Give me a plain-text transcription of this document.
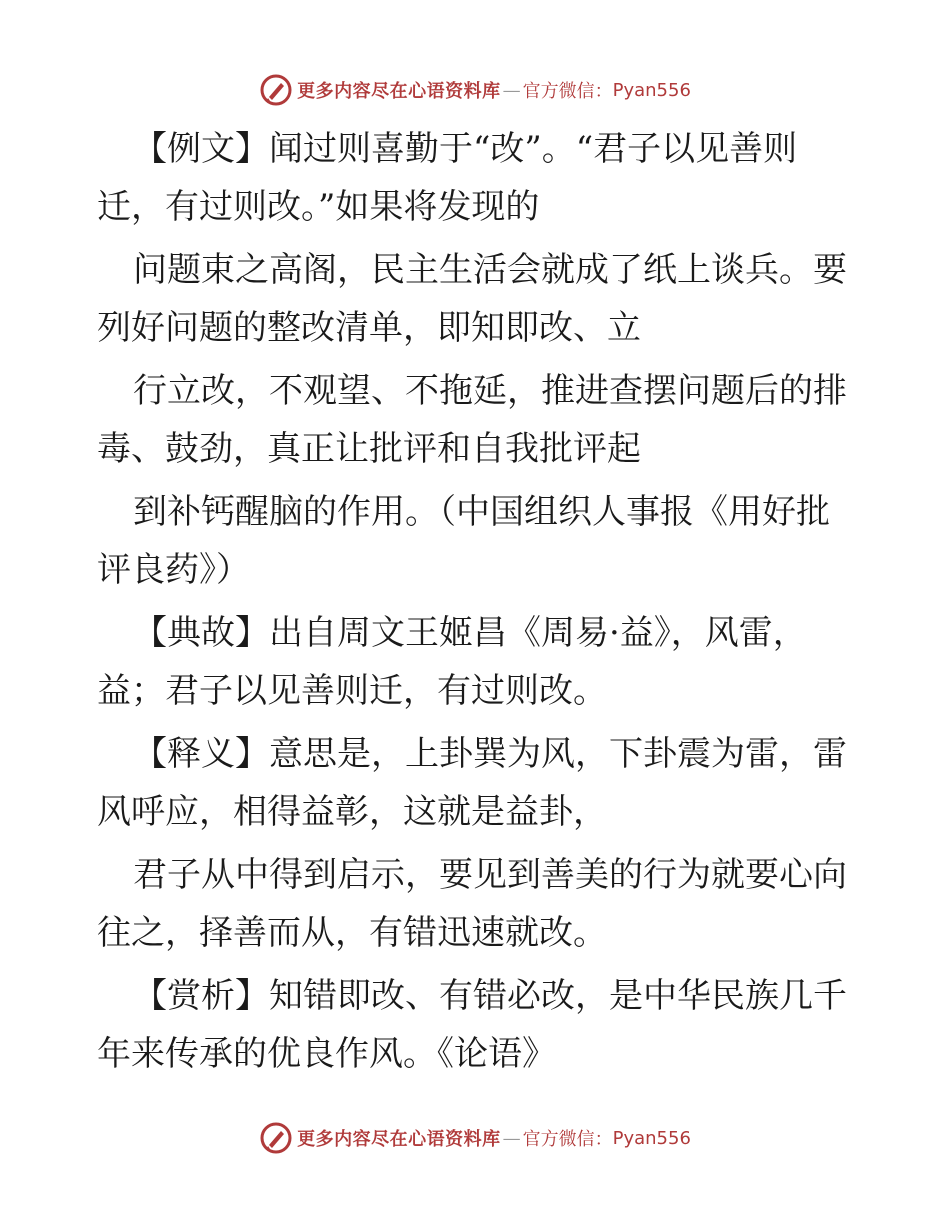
更多内容尽在心语资料库 — 官方微信： Pyan556
【例文】闻过则喜勤于“改”。“君子以见善则
迁，有过则改。”如果将发现的
问题束之高阁，民主生活会就成了纸上谈兵。要
列好问题的整改清单，即知即改、立
行立改，不观望、不拖延，推进查摆问题后的排
毒、鼓劲，真正让批评和自我批评起
到补钙醒脑的作用。（中国组织人事报《用好批
评良药》）
【典故】出自周文王姬昌《周易·益》，风雷，
益；君子以见善则迁，有过则改。
【释义】意思是，上卦巽为风，下卦震为雷，雷
风呼应，相得益彰，这就是益卦，
君子从中得到启示，要见到善美的行为就要心向
往之，择善而从，有错迅速就改。
【赏析】知错即改、有错必改，是中华民族几千
年来传承的优良作风。《论语》
更多内容尽在心语资料库 — 官方微信： Pyan556
